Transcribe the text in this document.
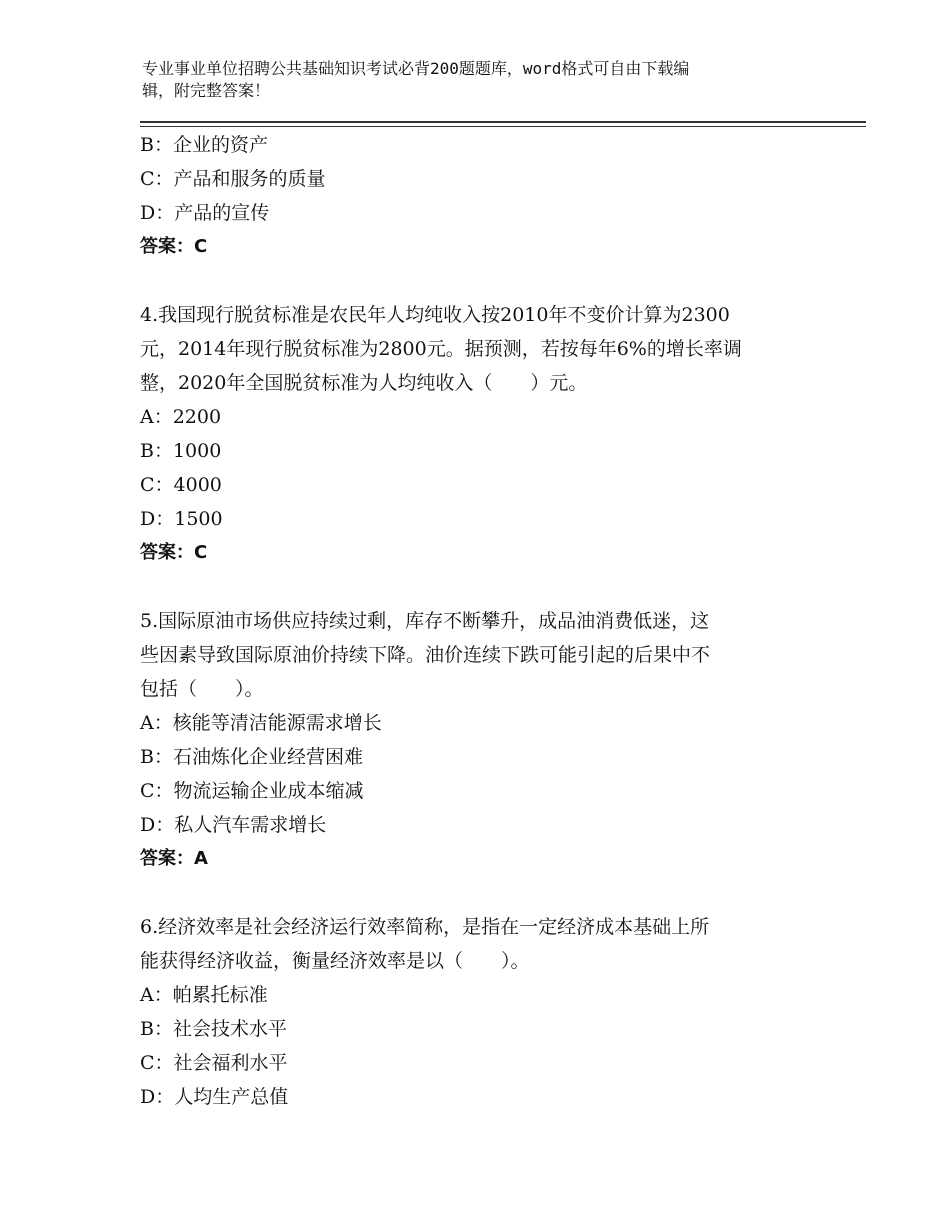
专业事业单位招聘公共基础知识考试必背200题题库，word格式可自由下载编
辑，附完整答案！
B：企业的资产
C：产品和服务的质量
D：产品的宣传
答案：C
4.我国现行脱贫标准是农民年人均纯收入按2010年不变价计算为2300
元，2014年现行脱贫标准为2800元。据预测，若按每年6%的增长率调
整，2020年全国脱贫标准为人均纯收入（　　）元。
A：2200
B：1000
C：4000
D：1500
答案：C
5.国际原油市场供应持续过剩，库存不断攀升，成品油消费低迷，这
些因素导致国际原油价持续下降。油价连续下跌可能引起的后果中不
包括（　　）。
A：核能等清洁能源需求增长
B：石油炼化企业经营困难
C：物流运输企业成本缩减
D：私人汽车需求增长
答案：A
6.经济效率是社会经济运行效率简称，是指在一定经济成本基础上所
能获得经济收益，衡量经济效率是以（　　）。
A：帕累托标准
B：社会技术水平
C：社会福利水平
D：人均生产总值
